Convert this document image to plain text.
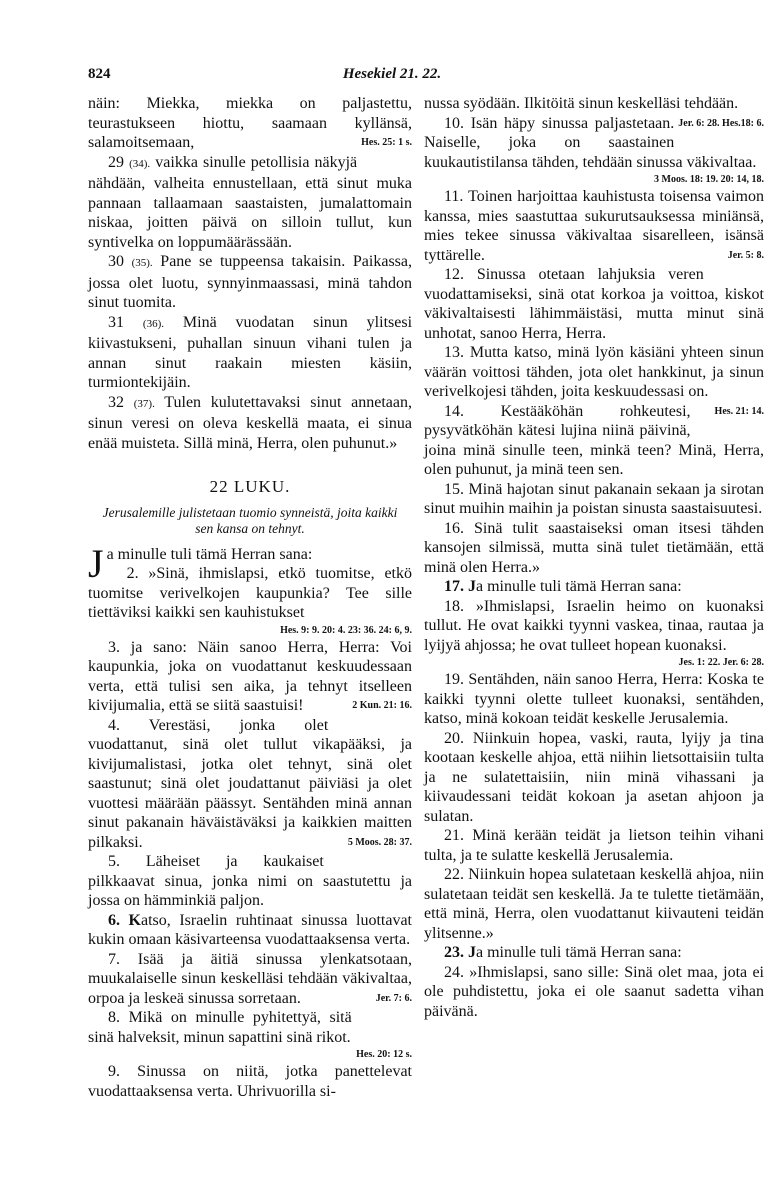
824	Hesekiel 21. 22.

näin: Miekka, miekka on paljastettu, teurastukseen hiottu, saamaan kyllänsä, salamoitsemaan,	Hes. 25: 1 s.

29 (34). vaikka sinulle petollisia näkyjä nähdään, valheita ennustellaan, että sinut muka pannaan tallaamaan saastaisten, jumalattomain niskaa, joitten päivä on silloin tullut, kun syntivelka on loppumäärässään.

30 (35). Pane se tuppeensa takaisin. Paikassa, jossa olet luotu, synnyinmaassasi, minä tahdon sinut tuomita.

31 (36). Minä vuodatan sinun ylitsesi kiivastukseni, puhallan sinuun vihani tulen ja annan sinut raakain miesten käsiin, turmiontekijäin.

32 (37). Tulen kulutettavaksi sinut annetaan, sinun veresi on oleva keskellä maata, ei sinua enää muisteta. Sillä minä, Herra, olen puhunut.»

22 LUKU.
Jerusalemille julistetaan tuomio synneistä, joita kaikki sen kansa on tehnyt.

Ja minulle tuli tämä Herran sana:

2. »Sinä, ihmislapsi, etkö tuomitse, etkö tuomitse verivelkojen kaupunkia? Tee sille tiettäviksi kaikki sen kauhistukset

Hes. 9: 9. 20: 4. 23: 36. 24: 6, 9.

3. ja sano: Näin sanoo Herra, Herra: Voi kaupunkia, joka on vuodattanut keskuudessaan verta, että tulisi sen aika, ja tehnyt itselleen kivijumalia, että se siitä saastuisi!	2 Kun. 21: 16.

4. Verestäsi, jonka olet vuodattanut, sinä olet tullut vikapääksi, ja kivijumalistasi, jotka olet tehnyt, sinä olet saastunut; sinä olet joudattanut päiviäsi ja olet vuottesi määrään päässyt. Sentähden minä annan sinut pakanain häväistäväksi ja kaikkien maitten pilkaksi.	5 Moos. 28: 37.

5. Läheiset ja kaukaiset pilkkaavat sinua, jonka nimi on saastutettu ja jossa on hämminkiä paljon.

6. Katso, Israelin ruhtinaat sinussa luottavat kukin omaan käsivarteensa vuodattaaksensa verta.

7. Isää ja äitiä sinussa ylenkatsotaan, muukalaiselle sinun keskelläsi tehdään väkivaltaa, orpoa ja leskeä sinussa sorretaan.	Jer. 7: 6.

8. Mikä on minulle pyhitettyä, sitä sinä halveksit, minun sapattini sinä rikot.

Hes. 20: 12 s.

9. Sinussa on niitä, jotka panettelevat vuodattaaksensa verta. Uhrivuorilla si-

nussa syödään. Ilkitöitä sinun keskelläsi tehdään.
Jer. 6: 28. Hes.18: 6.

10. Isän häpy sinussa paljastetaan. Naiselle, joka on saastainen kuukautistilansa tähden, tehdään sinussa väkivaltaa.

3 Moos. 18: 19. 20: 14, 18.

11. Toinen harjoittaa kauhistusta toisensa vaimon kanssa, mies saastuttaa sukurutsauksessa miniänsä, mies tekee sinussa väkivaltaa sisarelleen, isänsä tyttärelle.	Jer. 5: 8.

12. Sinussa otetaan lahjuksia veren vuodattamiseksi, sinä otat korkoa ja voittoa, kiskot väkivaltaisesti lähimmäistäsi, mutta minut sinä unhotat, sanoo Herra, Herra.

13. Mutta katso, minä lyön käsiäni yhteen sinun väärän voittosi tähden, jota olet hankkinut, ja sinun verivelkojesi tähden, joita keskuudessasi on.
Hes. 21: 14.

14. Kestääköhän rohkeutesi, pysyvätköhän kätesi lujina niinä päivinä, joina minä sinulle teen, minkä teen? Minä, Herra, olen puhunut, ja minä teen sen.

15. Minä hajotan sinut pakanain sekaan ja sirotan sinut muihin maihin ja poistan sinusta saastaisuutesi.

16. Sinä tulit saastaiseksi oman itsesi tähden kansojen silmissä, mutta sinä tulet tietämään, että minä olen Herra.»

17. Ja minulle tuli tämä Herran sana:

18. »Ihmislapsi, Israelin heimo on kuonaksi tullut. He ovat kaikki tyynni vaskea, tinaa, rautaa ja lyijyä ahjossa; he ovat tulleet hopean kuonaksi.

Jes. 1: 22. Jer. 6: 28.

19. Sentähden, näin sanoo Herra, Herra: Koska te kaikki tyynni olette tulleet kuonaksi, sentähden, katso, minä kokoan teidät keskelle Jerusalemia.

20. Niinkuin hopea, vaski, rauta, lyijy ja tina kootaan keskelle ahjoa, että niihin lietsottaisiin tulta ja ne sulatettaisiin, niin minä vihassani ja kiivaudessani teidät kokoan ja asetan ahjoon ja sulatan.

21. Minä kerään teidät ja lietson teihin vihani tulta, ja te sulatte keskellä Jerusalemia.

22. Niinkuin hopea sulatetaan keskellä ahjoa, niin sulatetaan teidät sen keskellä. Ja te tulette tietämään, että minä, Herra, olen vuodattanut kiivauteni teidän ylitsenne.»

23. Ja minulle tuli tämä Herran sana:

24. »Ihmislapsi, sano sille: Sinä olet maa, jota ei ole puhdistettu, joka ei ole saanut sadetta vihan päivänä.
